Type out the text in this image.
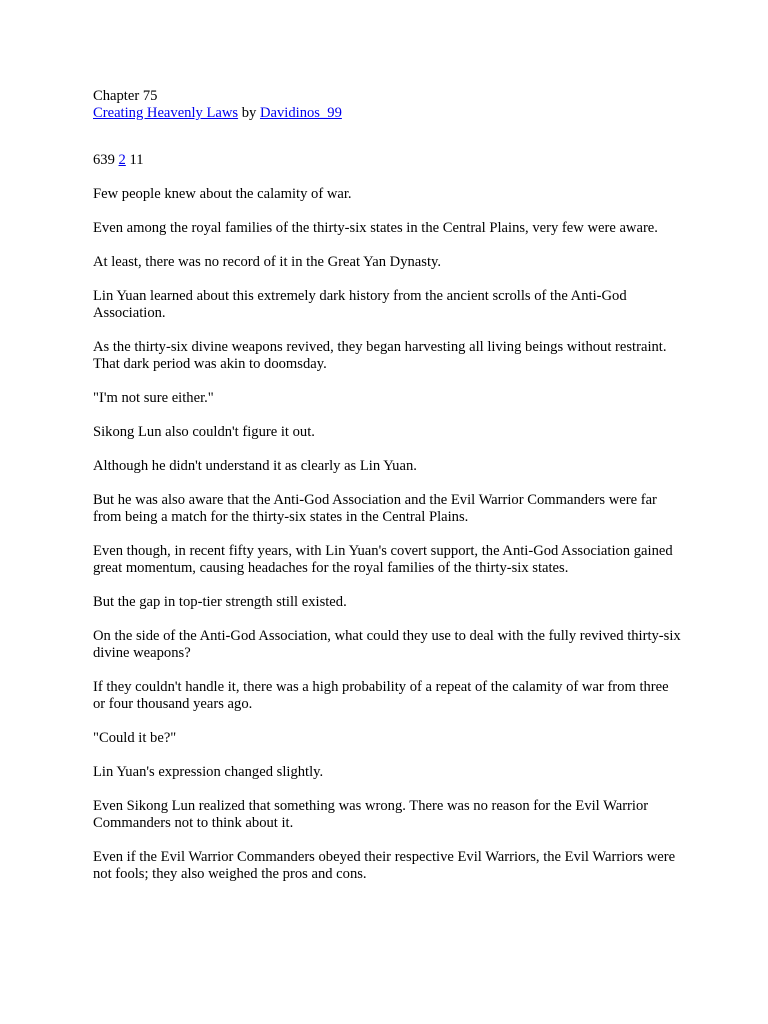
Chapter 75
Creating Heavenly Laws by Davidinos_99
639 2 11
Few people knew about the calamity of war.
Even among the royal families of the thirty-six states in the Central Plains, very few were aware.
At least, there was no record of it in the Great Yan Dynasty.
Lin Yuan learned about this extremely dark history from the ancient scrolls of the Anti-God Association.
As the thirty-six divine weapons revived, they began harvesting all living beings without restraint. That dark period was akin to doomsday.
"I'm not sure either."
Sikong Lun also couldn't figure it out.
Although he didn't understand it as clearly as Lin Yuan.
But he was also aware that the Anti-God Association and the Evil Warrior Commanders were far from being a match for the thirty-six states in the Central Plains.
Even though, in recent fifty years, with Lin Yuan's covert support, the Anti-God Association gained great momentum, causing headaches for the royal families of the thirty-six states.
But the gap in top-tier strength still existed.
On the side of the Anti-God Association, what could they use to deal with the fully revived thirty-six divine weapons?
If they couldn't handle it, there was a high probability of a repeat of the calamity of war from three or four thousand years ago.
"Could it be?"
Lin Yuan's expression changed slightly.
Even Sikong Lun realized that something was wrong. There was no reason for the Evil Warrior Commanders not to think about it.
Even if the Evil Warrior Commanders obeyed their respective Evil Warriors, the Evil Warriors were not fools; they also weighed the pros and cons.
